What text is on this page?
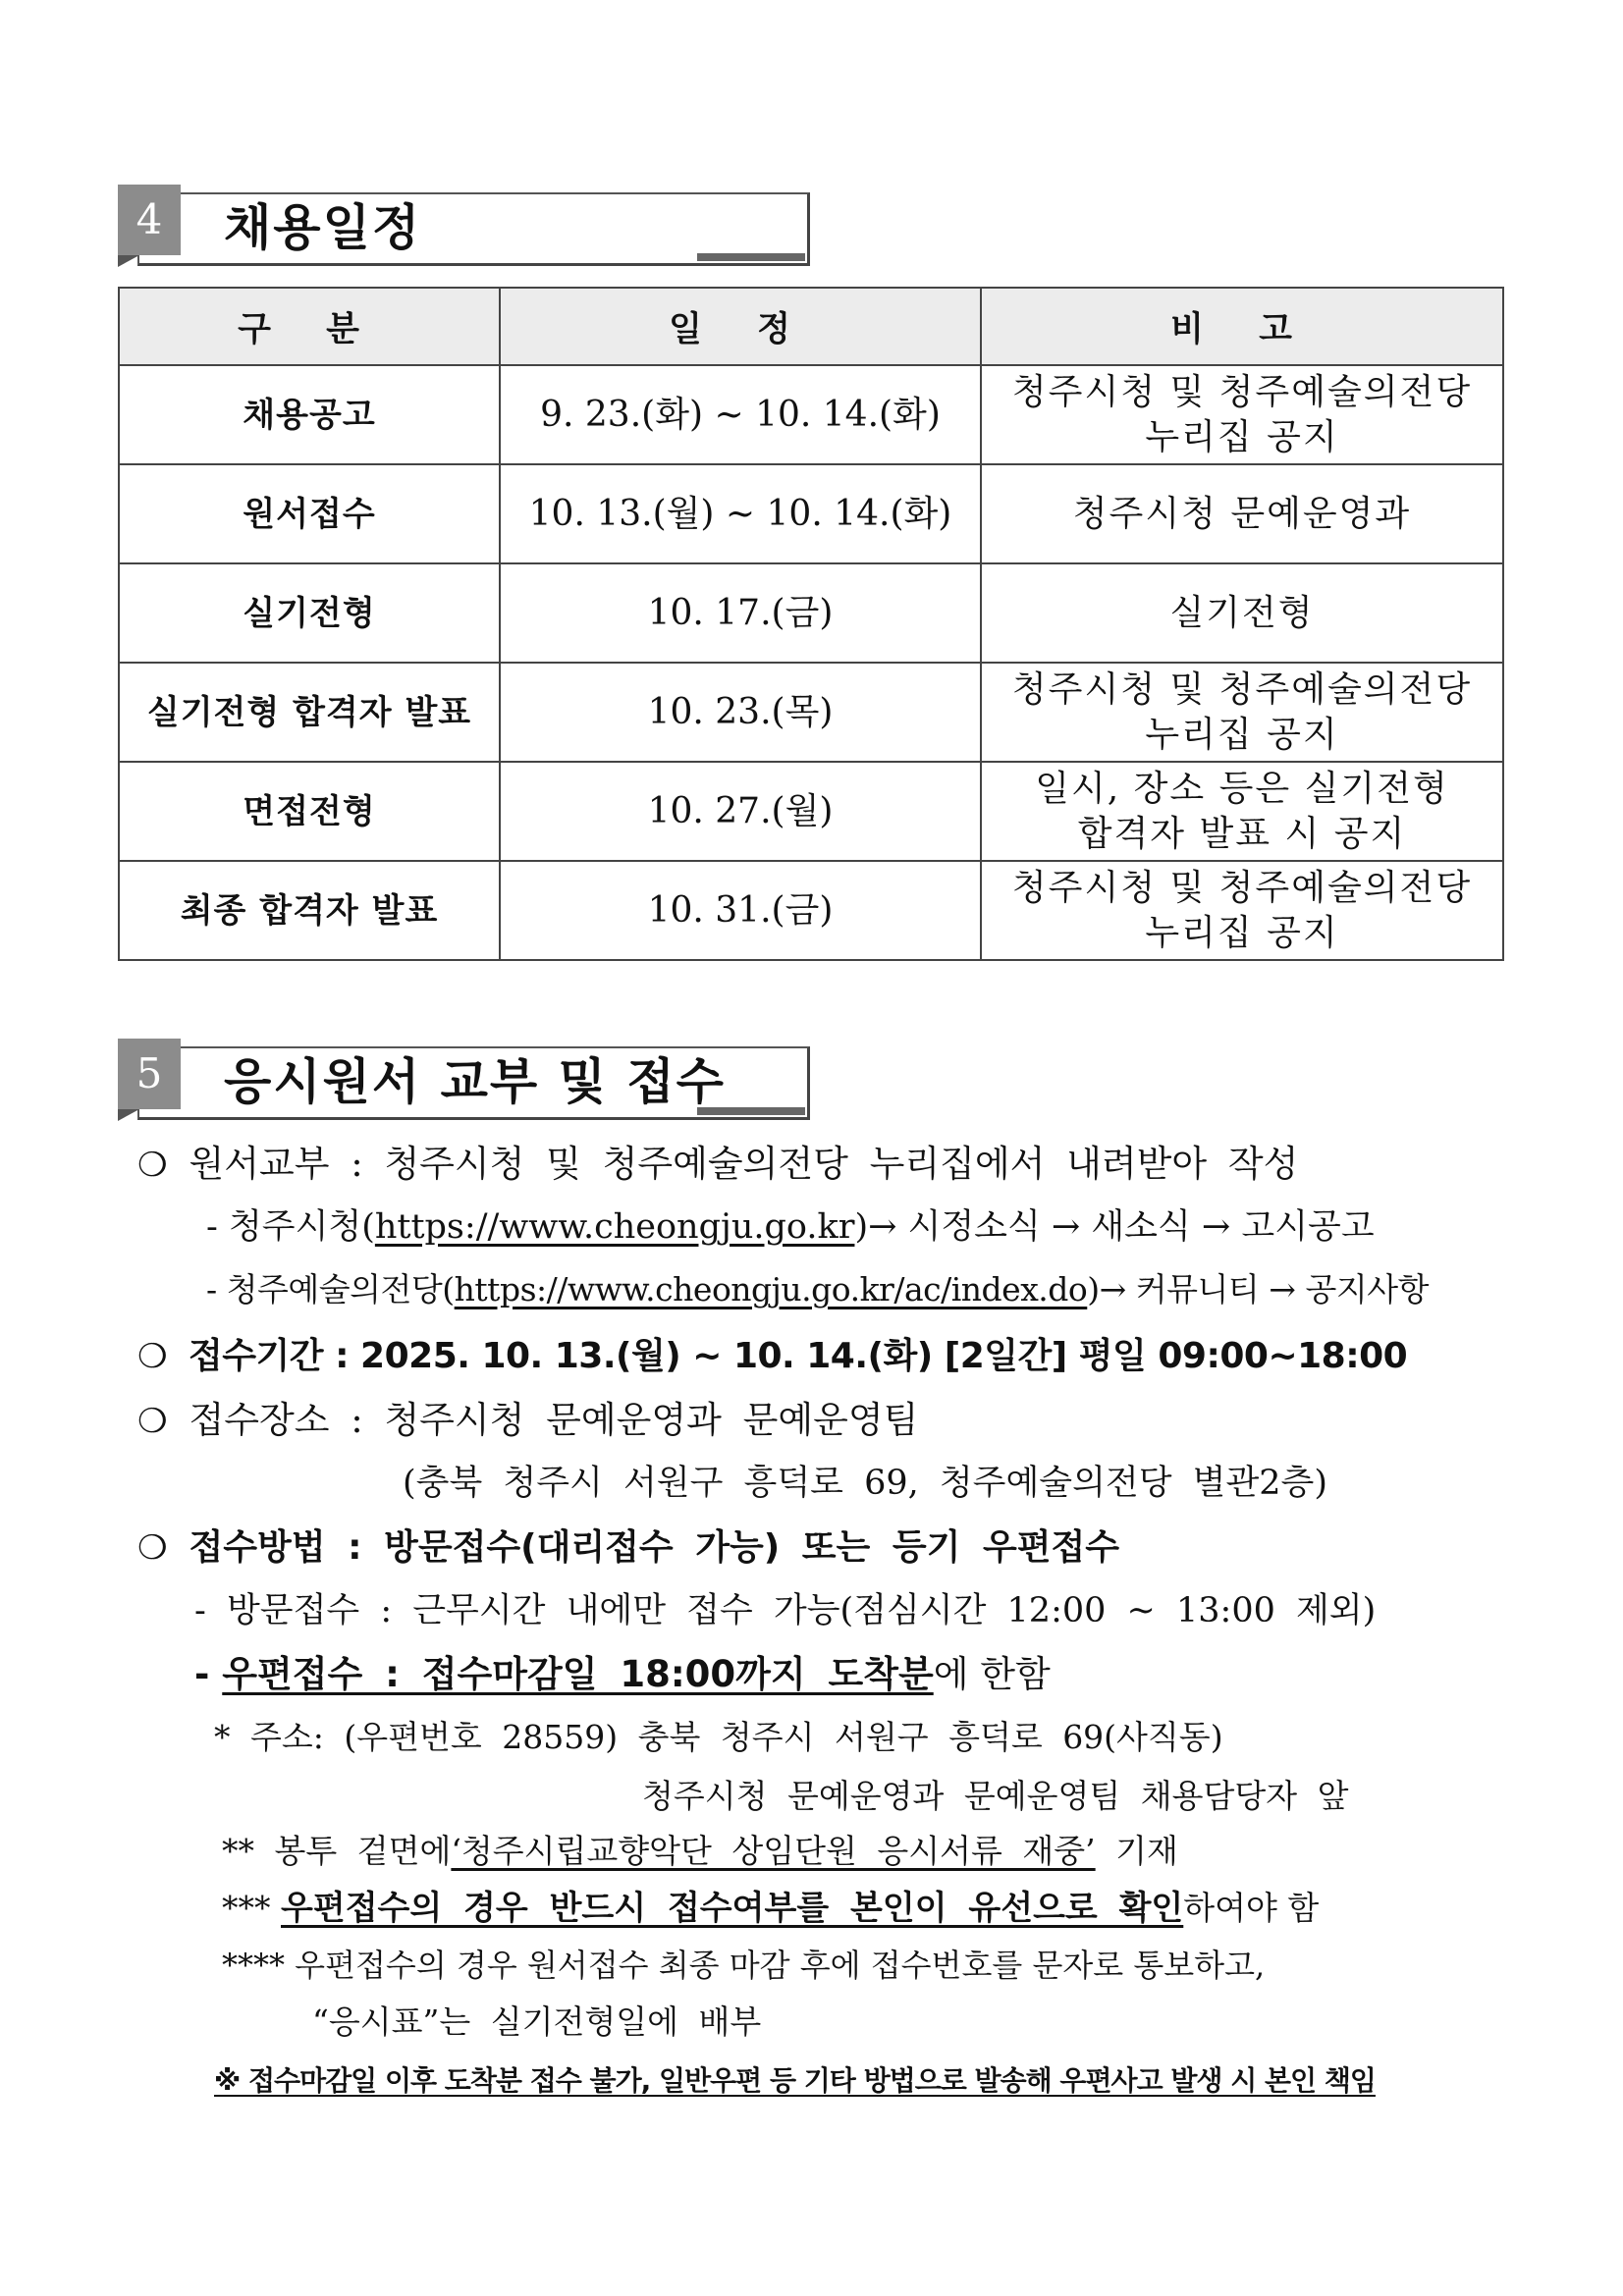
4	채용일정
구 분	일 정	비 고
채용공고	9. 23.(화) ~ 10. 14.(화)	청주시청 및 청주예술의전당
누리집 공지

원서접수	10. 13.(월) ~ 10. 14.(화)	청주시청 문예운영과

실기전형	10. 17.(금)	실기전형

실기전형 합격자 발표	10. 23.(목)	청주시청 및 청주예술의전당
누리집 공지

면접전형	10. 27.(월)	일시, 장소 등은 실기전형
합격자 발표 시 공지

최종 합격자 발표	10. 31.(금)	청주시청 및 청주예술의전당
누리집 공지
5	응시원서 교부 및 접수
❍ 원서교부 : 청주시청 및 청주예술의전당 누리집에서 내려받아 작성
- 청주시청(https://www.cheongju.go.kr)→ 시정소식 → 새소식 → 고시공고
- 청주예술의전당(https://www.cheongju.go.kr/ac/index.do)→ 커뮤니티 → 공지사항
❍ 접수기간 : 2025. 10. 13.(월) ~ 10. 14.(화) [2일간] 평일 09:00~18:00
❍ 접수장소 : 청주시청 문예운영과 문예운영팀
(충북 청주시 서원구 흥덕로 69, 청주예술의전당 별관2층)
❍ 접수방법 : 방문접수(대리접수 가능) 또는 등기 우편접수
- 방문접수 : 근무시간 내에만 접수 가능(점심시간 12:00 ~ 13:00 제외)
- 우편접수 : 접수마감일 18:00까지 도착분에 한함
* 주소: (우편번호 28559) 충북 청주시 서원구 흥덕로 69(사직동)
청주시청 문예운영과 문예운영팀 채용담당자 앞
** 봉투 겉면에‘청주시립교향악단 상임단원 응시서류 재중’ 기재
*** 우편접수의 경우 반드시 접수여부를 본인이 유선으로 확인하여야 함
**** 우편접수의 경우 원서접수 최종 마감 후에 접수번호를 문자로 통보하고,
“응시표”는 실기전형일에 배부
※ 접수마감일 이후 도착분 접수 불가, 일반우편 등 기타 방법으로 발송해 우편사고 발생 시 본인 책임
